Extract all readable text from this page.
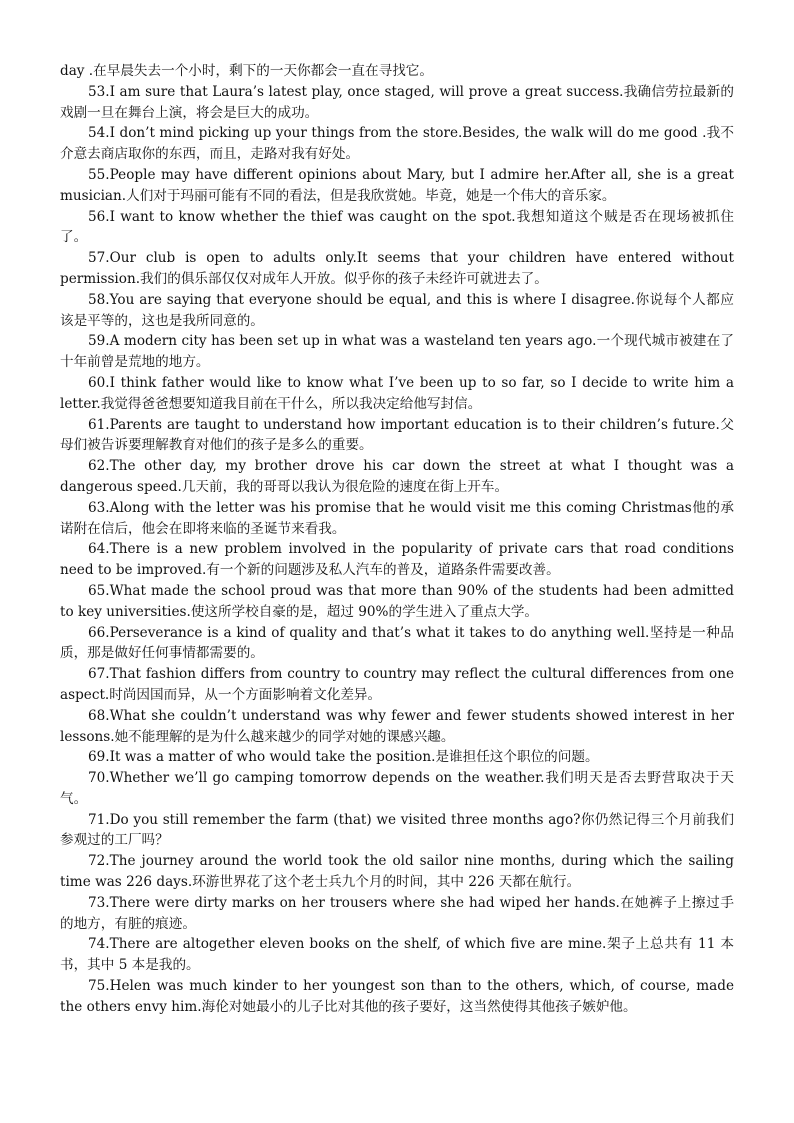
day .在早晨失去一个小时，剩下的一天你都会一直在寻找它。

53.I am sure that Laura’s latest play, once staged, will prove a great success.我确信劳拉最新的戏剧一旦在舞台上演，将会是巨大的成功。

54.I don’t mind picking up your things from the store.Besides, the walk will do me good .我不介意去商店取你的东西，而且，走路对我有好处。

55.People may have different opinions about Mary, but I admire her.After all, she is a great musician.人们对于玛丽可能有不同的看法，但是我欣赏她。毕竟，她是一个伟大的音乐家。

56.I want to know whether the thief was caught on the spot.我想知道这个贼是否在现场被抓住了。

57.Our club is open to adults only.It seems that your children have entered without permission.我们的俱乐部仅仅对成年人开放。似乎你的孩子未经许可就进去了。

58.You are saying that everyone should be equal, and this is where I disagree.你说每个人都应该是平等的，这也是我所同意的。

59.A modern city has been set up in what was a wasteland ten years ago.一个现代城市被建在了十年前曾是荒地的地方。

60.I think father would like to know what I’ve been up to so far, so I decide to write him a letter.我觉得爸爸想要知道我目前在干什么，所以我决定给他写封信。

61.Parents are taught to understand how important education is to their children’s future.父母们被告诉要理解教育对他们的孩子是多么的重要。

62.The other day, my brother drove his car down the street at what I thought was a dangerous speed.几天前，我的哥哥以我认为很危险的速度在街上开车。

63.Along with the letter was his promise that he would visit me this coming Christmas他的承诺附在信后，他会在即将来临的圣诞节来看我。

64.There is a new problem involved in the popularity of private cars that road conditions need to be improved.有一个新的问题涉及私人汽车的普及，道路条件需要改善。

65.What made the school proud was that more than 90% of the students had been admitted to key universities.使这所学校自豪的是，超过 90%的学生进入了重点大学。

66.Perseverance is a kind of quality and that’s what it takes to do anything well.坚持是一种品质，那是做好任何事情都需要的。

67.That fashion differs from country to country may reflect the cultural differences from one aspect.时尚因国而异，从一个方面影响着文化差异。

68.What she couldn’t understand was why fewer and fewer students showed interest in her lessons.她不能理解的是为什么越来越少的同学对她的课感兴趣。

69.It was a matter of who would take the position.是谁担任这个职位的问题。

70.Whether we’ll go camping tomorrow depends on the weather.我们明天是否去野营取决于天气。

71.Do you still remember the farm (that) we visited three months ago?你仍然记得三个月前我们参观过的工厂吗？

72.The journey around the world took the old sailor nine months, during which the sailing time was 226 days.环游世界花了这个老士兵九个月的时间，其中 226 天都在航行。

73.There were dirty marks on her trousers where she had wiped her hands.在她裤子上擦过手的地方，有脏的痕迹。

74.There are altogether eleven books on the shelf, of which five are mine.架子上总共有 11 本书，其中 5 本是我的。

75.Helen was much kinder to her youngest son than to the others, which, of course, made the others envy him.海伦对她最小的儿子比对其他的孩子要好，这当然使得其他孩子嫉妒他。
